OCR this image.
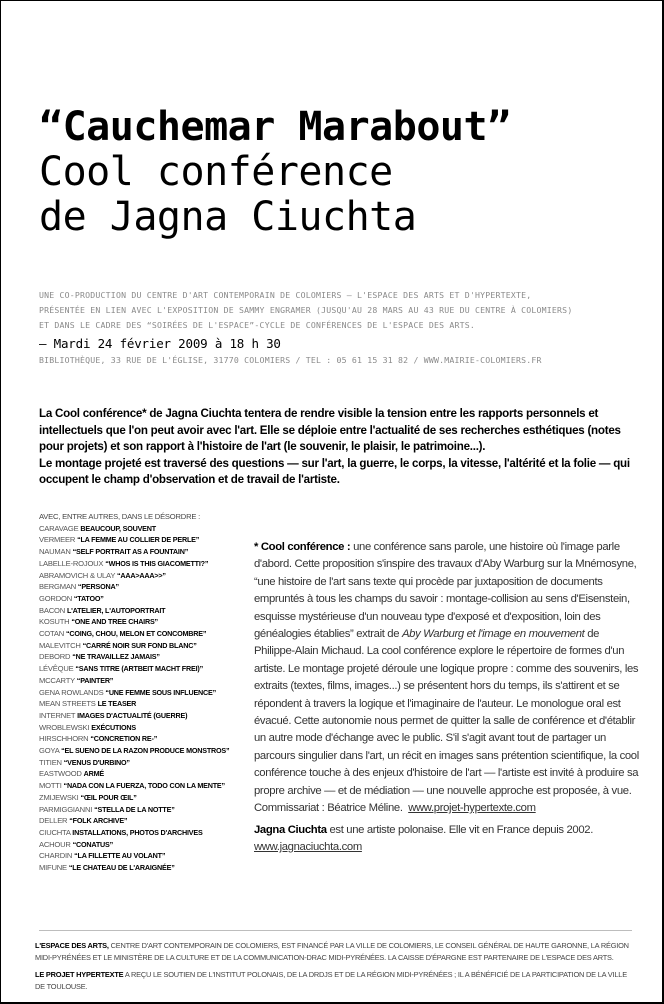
“Cauchemar Marabout”
Cool conférence
de Jagna Ciuchta
UNE CO-PRODUCTION DU CENTRE D'ART CONTEMPORAIN DE COLOMIERS – L'ESPACE DES ARTS ET D'HYPERTEXTE,
PRÉSENTÉE EN LIEN AVEC L'EXPOSITION DE SAMMY ENGRAMER (JUSQU'AU 28 MARS AU 43 RUE DU CENTRE À COLOMIERS)
ET DANS LE CADRE DES “SOIRÉES DE L'ESPACE”-CYCLE DE CONFÉRENCES DE L'ESPACE DES ARTS.
– Mardi 24 février 2009 à 18 h 30
BIBLIOTHÈQUE, 33 RUE DE L'ÉGLISE, 31770 COLOMIERS / TEL : 05 61 15 31 82 / WWW.MAIRIE-COLOMIERS.FR
La Cool conférence* de Jagna Ciuchta tentera de rendre visible la tension entre les rapports personnels et intellectuels que l'on peut avoir avec l'art. Elle se déploie entre l'actualité de ses recherches esthétiques (notes pour projets) et son rapport à l'histoire de l'art (le souvenir, le plaisir, le patrimoine...).
Le montage projeté est traversé des questions — sur l'art, la guerre, le corps, la vitesse, l'altérité et la folie — qui occupent le champ d'observation et de travail de l'artiste.
AVEC, ENTRE AUTRES, DANS LE DÉSORDRE :
CARAVAGE BEAUCOUP, SOUVENT
VERMEER “LA FEMME AU COLLIER DE PERLE”
NAUMAN “SELF PORTRAIT AS A FOUNTAIN”
LABELLE-ROJOUX “WHOS IS THIS GIACOMETTI?”
ABRAMOVICH & ULAY “AAA>AAA>>”
BERGMAN “PERSONA”
GORDON “TATOO”
BACON L'ATELIER, L'AUTOPORTRAIT
KOSUTH “ONE AND TREE CHAIRS”
COTAN “COING, CHOU, MELON ET CONCOMBRE”
MALEVITCH “CARRÉ NOIR SUR FOND BLANC”
DEBORD “NE TRAVAILLEZ JAMAIS”
LÉVÊQUE “SANS TITRE (ARTBEIT MACHT FREI)”
MCCARTY “PAINTER”
GENA ROWLANDS “UNE FEMME SOUS INFLUENCE”
MEAN STREETS LE TEASER
INTERNET IMAGES D'ACTUALITÉ (GUERRE)
WROBLEWSKI EXÉCUTIONS
HIRSCHHORN “CONCRETION RE-”
GOYA “EL SUENO DE LA RAZON PRODUCE MONSTROS”
TITIEN “VENUS D'URBINO”
EASTWOOD ARMÉ
MOTTI “NADA CON LA FUERZA, TODO CON LA MENTE”
ZMIJEWSKI “ŒIL POUR ŒIL”
PARMIGGIANNI “STELLA DE LA NOTTE”
DELLER “FOLK ARCHIVE”
CIUCHTA INSTALLATIONS, PHOTOS D'ARCHIVES
ACHOUR “CONATUS”
CHARDIN “LA FILLETTE AU VOLANT”
MIFUNE “LE CHATEAU DE L'ARAIGNÉE”
* Cool conférence : une conférence sans parole, une histoire où l'image parle d'abord. Cette proposition s'inspire des travaux d'Aby Warburg sur la Mnémosyne, “une histoire de l'art sans texte qui procède par juxtaposition de documents empruntés à tous les champs du savoir : montage-collision au sens d'Eisenstein, esquisse mystérieuse d'un nouveau type d'exposé et d'exposition, loin des généalogies établies” extrait de Aby Warburg et l'image en mouvement de Philippe-Alain Michaud. La cool conférence explore le répertoire de formes d'un artiste. Le montage projeté déroule une logique propre : comme des souvenirs, les extraits (textes, films, images...) se présentent hors du temps, ils s'attirent et se répondent à travers la logique et l'imaginaire de l'auteur. Le monologue oral est évacué. Cette autonomie nous permet de quitter la salle de conférence et d'établir un autre mode d'échange avec le public. S'il s'agit avant tout de partager un parcours singulier dans l'art, un récit en images sans prétention scientifique, la cool conférence touche à des enjeux d'histoire de l'art — l'artiste est invité à produire sa propre archive — et de médiation — une nouvelle approche est proposée, à vue.
Commissariat : Béatrice Méline. www.projet-hypertexte.com
Jagna Ciuchta est une artiste polonaise. Elle vit en France depuis 2002.
www.jagnaciuchta.com

L'ESPACE DES ARTS, CENTRE D'ART CONTEMPORAIN DE COLOMIERS, EST FINANCÉ PAR LA VILLE DE COLOMIERS, LE CONSEIL GÉNÉRAL DE HAUTE GARONNE, LA RÉGION MIDI-PYRÉNÉES ET LE MINISTÈRE DE LA CULTURE ET DE LA COMMUNICATION-DRAC MIDI-PYRÉNÉES. LA CAISSE D'ÉPARGNE EST PARTENAIRE DE L'ESPACE DES ARTS.

LE PROJET HYPERTEXTE A REÇU LE SOUTIEN DE L'INSTITUT POLONAIS, DE LA DRDJS ET DE LA RÉGION MIDI-PYRÉNÉES ; IL A BÉNÉFICIÉ DE LA PARTICIPATION DE LA VILLE DE TOULOUSE.
